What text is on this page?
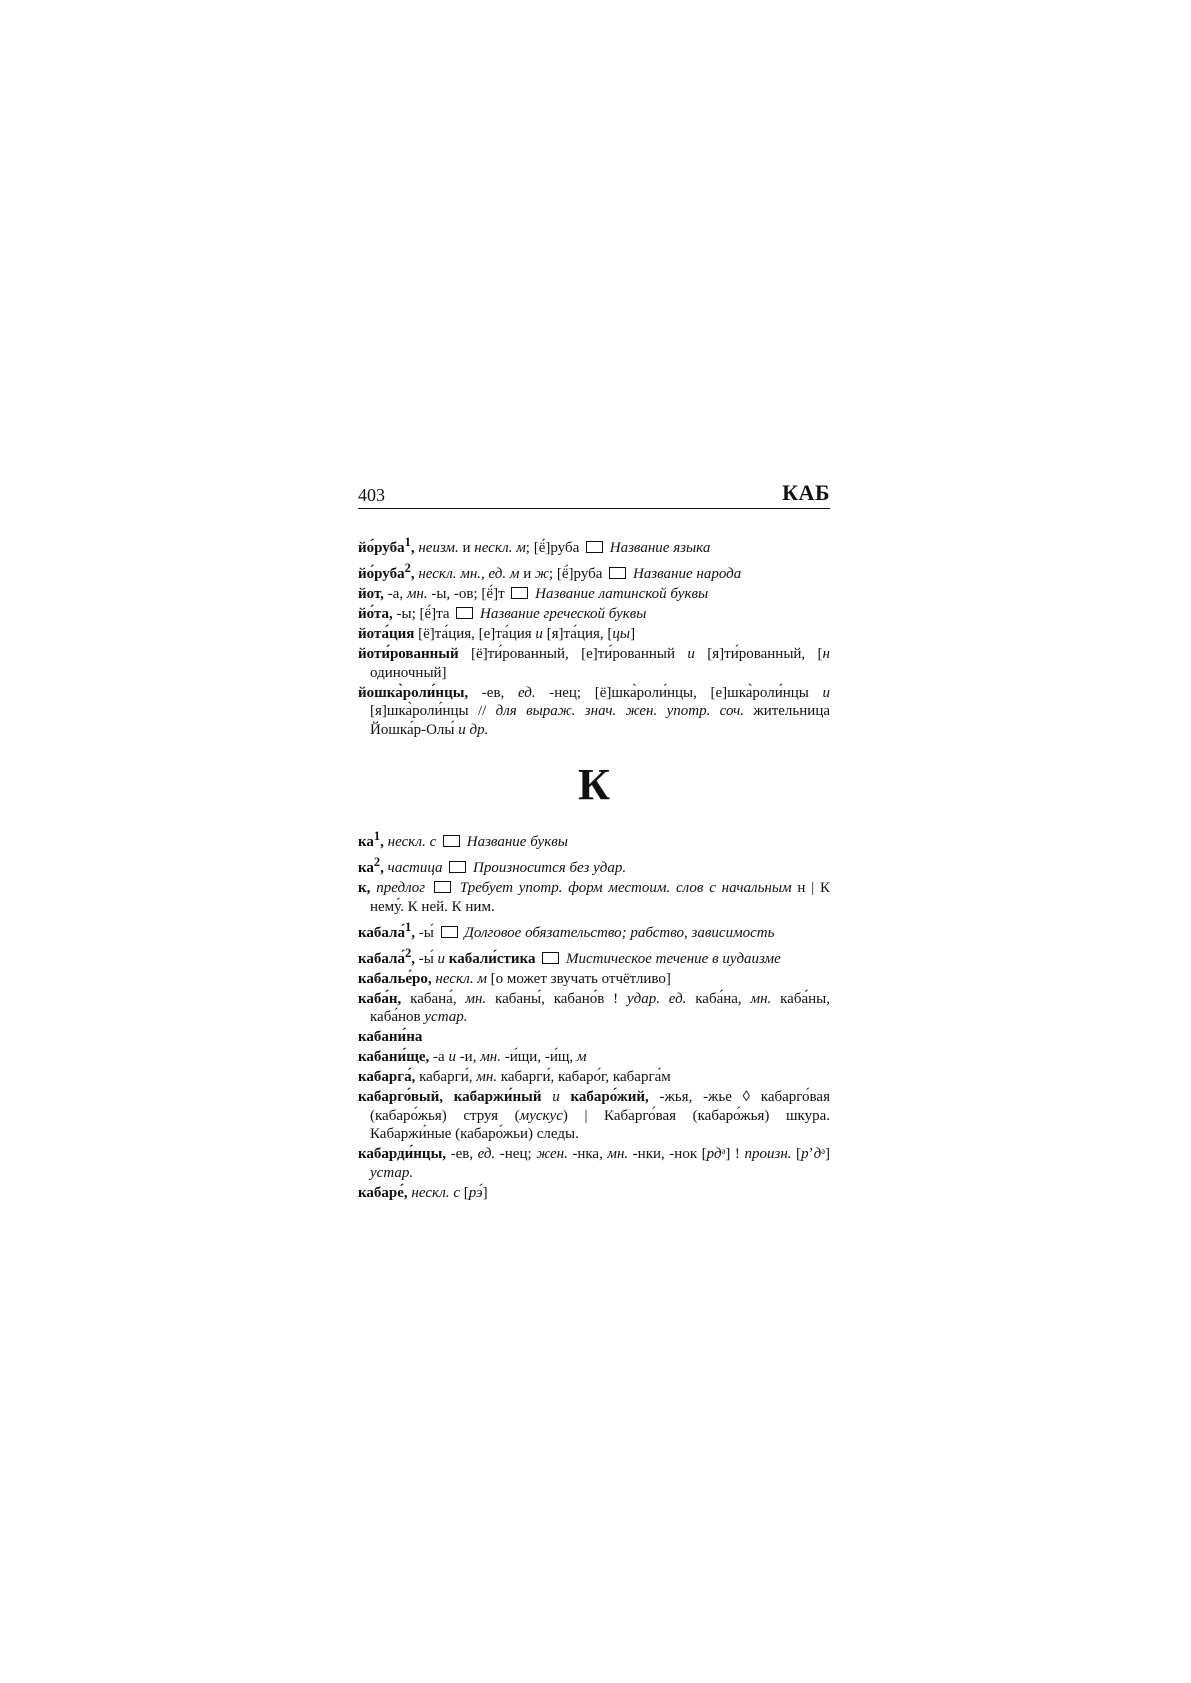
403	КАБ

йо́руба$^1$, неизм. и нескл. м; [ё́]руба  Название языка

йо́руба$^2$, нескл. мн., ед. м и ж; [ё́]руба  Название народа

йот, -а, мн. -ы, -ов; [ё́]т  Название латинской буквы

йо́та, -ы; [ё́]та  Название греческой буквы

йота́ция [ё]та́ция, [е]та́ция и [я]та́ция, [цы]

йоти́рованный [ё]ти́рованный, [е]ти́рованный и [я]ти́рованный, [н одиночный]

йошка̀роли́нцы, -ев, ед. -нец; [ё]шка̀роли́нцы, [е]шка̀роли́нцы и [я]шка̀роли́нцы // для выраж. знач. жен. употр. соч. жительница Йошка́р-Олы́ и др.

К

$ка^1$, нескл. с Название буквы

$ка^2$, частица Произносится без удар.

к, предлог Требует употр. форм местоим. слов с начальным н | К нему́. К ней. К ним.

кабала́$^1$, -ы́  Долговое обязательство; рабство, зависимость

кабала́$^2$, -ы́ и кабали́стика Мистическое течение в иудаизме

кабалье́ро, нескл. м [о может звучать отчётливо]

каба́н, кабана́, мн. кабаны́, кабано́в ! удар. ед. каба́на, мн. каба́ны, каба́нов устар.

кабани́на

кабани́ще, -а и -и, мн. -и́щи, -и́щ, м

кабарга́, кабарги́, мн. кабарги́, кабаро́г, кабарга́м

кабарго́вый, кабаржи́ный и кабаро́жий, -жья, -жье ◊ кабарго́вая (кабаро́жья) струя (мускус) | Кабарго́вая (кабаро́жья) шкура. Кабаржи́ные (кабаро́жьи) следы.

кабарди́нцы, -ев, ед. -нец; жен. -нка, мн. -нки, -нок [рдᵊ] ! произн. [рʼдᵊ] устар.

кабаре́, нескл. с [рэ́]
